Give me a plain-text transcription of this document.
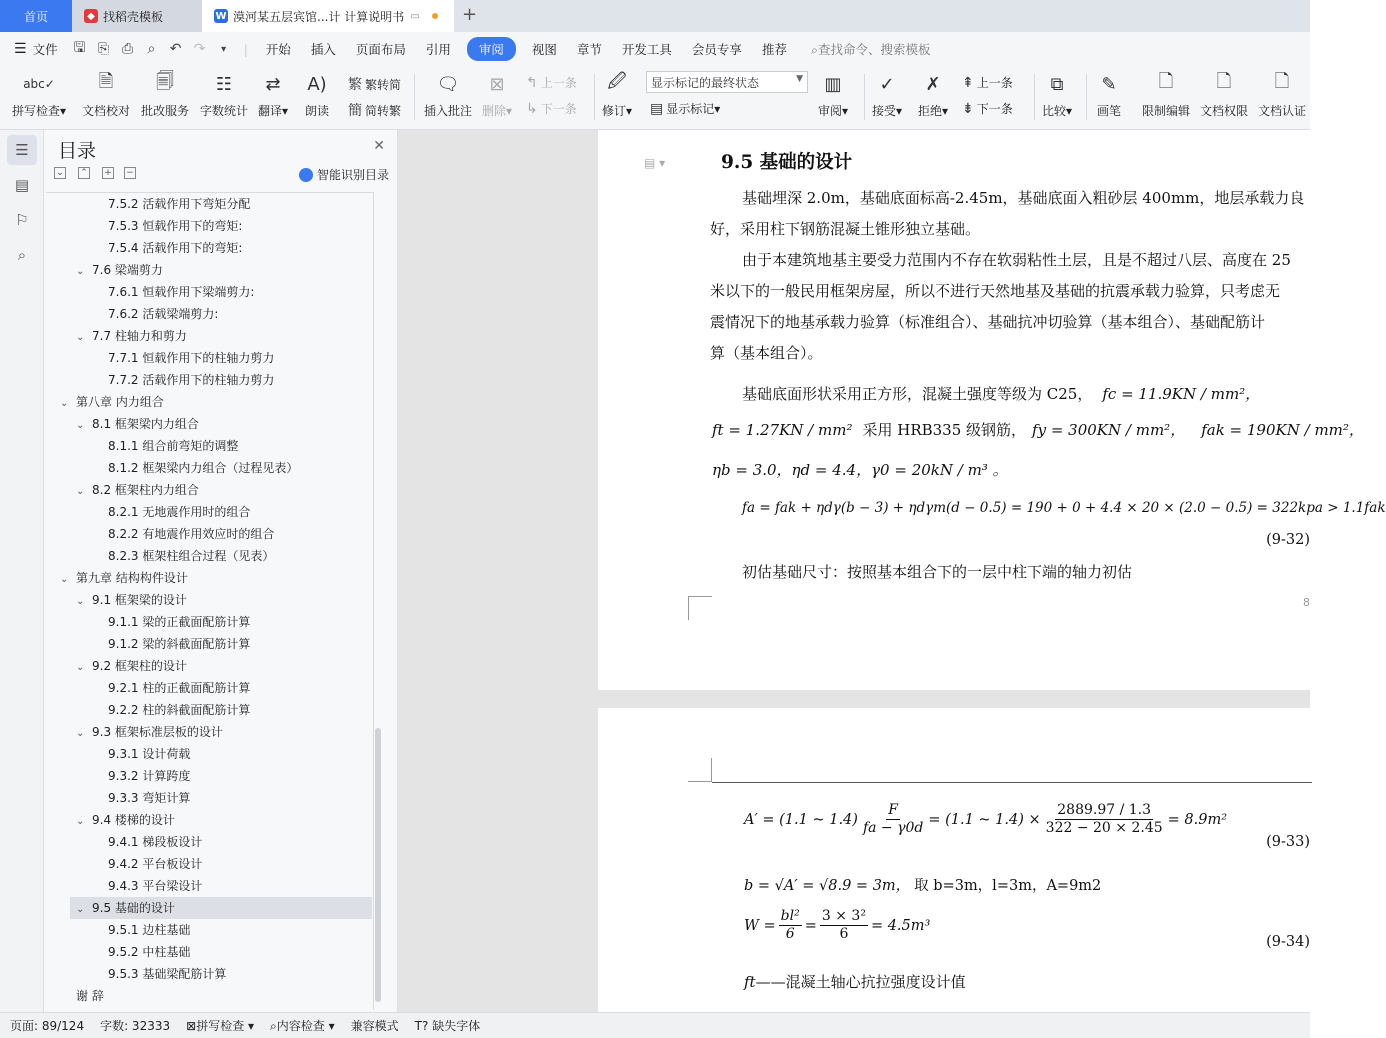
首页	◆ 找稻壳模板	W 漠河某五层宾馆...计 计算说明书 ▭ +
☰ 文件	🖫 ⎘ ⎙	⌕	↶ ↷	▾	|	开始	插入	页面布局	引用	审阅	视图	章节	开发工具	会员专享	推荐	⌕查找命令、搜索模板
abc✓
拼写检查▾
🗎
文档校对
🗐
批改服务
☷
字数统计
⇄
翻译▾
A)
朗读
繁 繁转简
簡 简转繁
🗨
插入批注
⊠
删除▾
↰ 上一条
↳ 下一条
🖉
修订▾
显示标记的最终状态	▼
▤ 显示标记 ▾
▥
审阅▾
✓
接受▾
✗
拒绝▾
⇞ 上一条
⇟ 下一条
⧉
比较▾
✎
画笔
🗋
限制编辑
🗋
文档权限
🗋
文档认证
☰
▤
⚐
⌕
目录	✕
⌄ ⌃ + −	智能识别目录
7.5.2 活载作用下弯矩分配
7.5.3 恒载作用下的弯矩:
7.5.4 活载作用下的弯矩:
⌄ 7.6 梁端剪力
7.6.1 恒载作用下梁端剪力:
7.6.2 活载梁端剪力:
⌄ 7.7 柱轴力和剪力
7.7.1 恒载作用下的柱轴力剪力
7.7.2 活载作用下的柱轴力剪力
⌄ 第八章 内力组合
⌄ 8.1 框架梁内力组合
8.1.1 组合前弯矩的调整
8.1.2 框架梁内力组合（过程见表）
⌄ 8.2 框架柱内力组合
8.2.1 无地震作用时的组合
8.2.2 有地震作用效应时的组合
8.2.3 框架柱组合过程（见表）
⌄ 第九章 结构构件设计
⌄ 9.1 框架梁的设计
9.1.1 梁的正截面配筋计算
9.1.2 梁的斜截面配筋计算
⌄ 9.2 框架柱的设计
9.2.1 柱的正截面配筋计算
9.2.2 柱的斜截面配筋计算
⌄ 9.3 框架标准层板的设计
9.3.1 设计荷载
9.3.2 计算跨度
9.3.3 弯矩计算
⌄ 9.4 楼梯的设计
9.4.1 梯段板设计
9.4.2 平台板设计
9.4.3 平台梁设计
⌄ 9.5 基础的设计
9.5.1 边柱基础
9.5.2 中柱基础
9.5.3 基础梁配筋计算
谢 辞
▤ ▾	9.5 基础的设计
基础埋深 2.0m，基础底面标高-2.45m，基础底面入粗砂层 400mm，地层承载力良
好，采用柱下钢筋混凝土锥形独立基础。
由于本建筑地基主要受力范围内不存在软弱粘性土层，且是不超过八层、高度在 25
米以下的一般民用框架房屋，所以不进行天然地基及基础的抗震承载力验算，只考虑无
震情况下的地基承载力验算（标准组合）、基础抗冲切验算（基本组合）、基础配筋计
算（基本组合）。
基础底面形状采用正方形，混凝土强度等级为 C25， fc = 11.9KN / mm²，
ft = 1.27KN / mm² 采用 HRB335 级钢筋， fy = 300KN / mm²， fak = 190KN / mm²，
ηb = 3.0，ηd = 4.4，γ0 = 20kN / m³ 。
fa = fak + ηdγ(b − 3) + ηdγm(d − 0.5) = 190 + 0 + 4.4 × 20 × (2.0 − 0.5) = 322kpa > 1.1fak
(9-32)
初估基础尺寸：按照基本组合下的一层中柱下端的轴力初估
8
A′ = (1.1 ~ $1.4) \frac{F}{fa - \gamma 0d} = (1.1$ ~ $1.4) \times \frac{2889.97 / 1.3}{322 - 20 \times 2.45} = 8.9m^2$
(9-33)
b = √A′ = √8.9 = 3m， 取 b=3m，l=3m，A=9m2
$W = \frac{\text{bl²}}{6} = \frac{\text{3 × 3²}}{6} = 4.5m^3$
(9-34)
ft——混凝土轴心抗拉强度设计值
页面: 89/124 字数: 32333 ⊠拼写检查 ▾ ⌕内容检查 ▾ 兼容模式 T? 缺失字体
